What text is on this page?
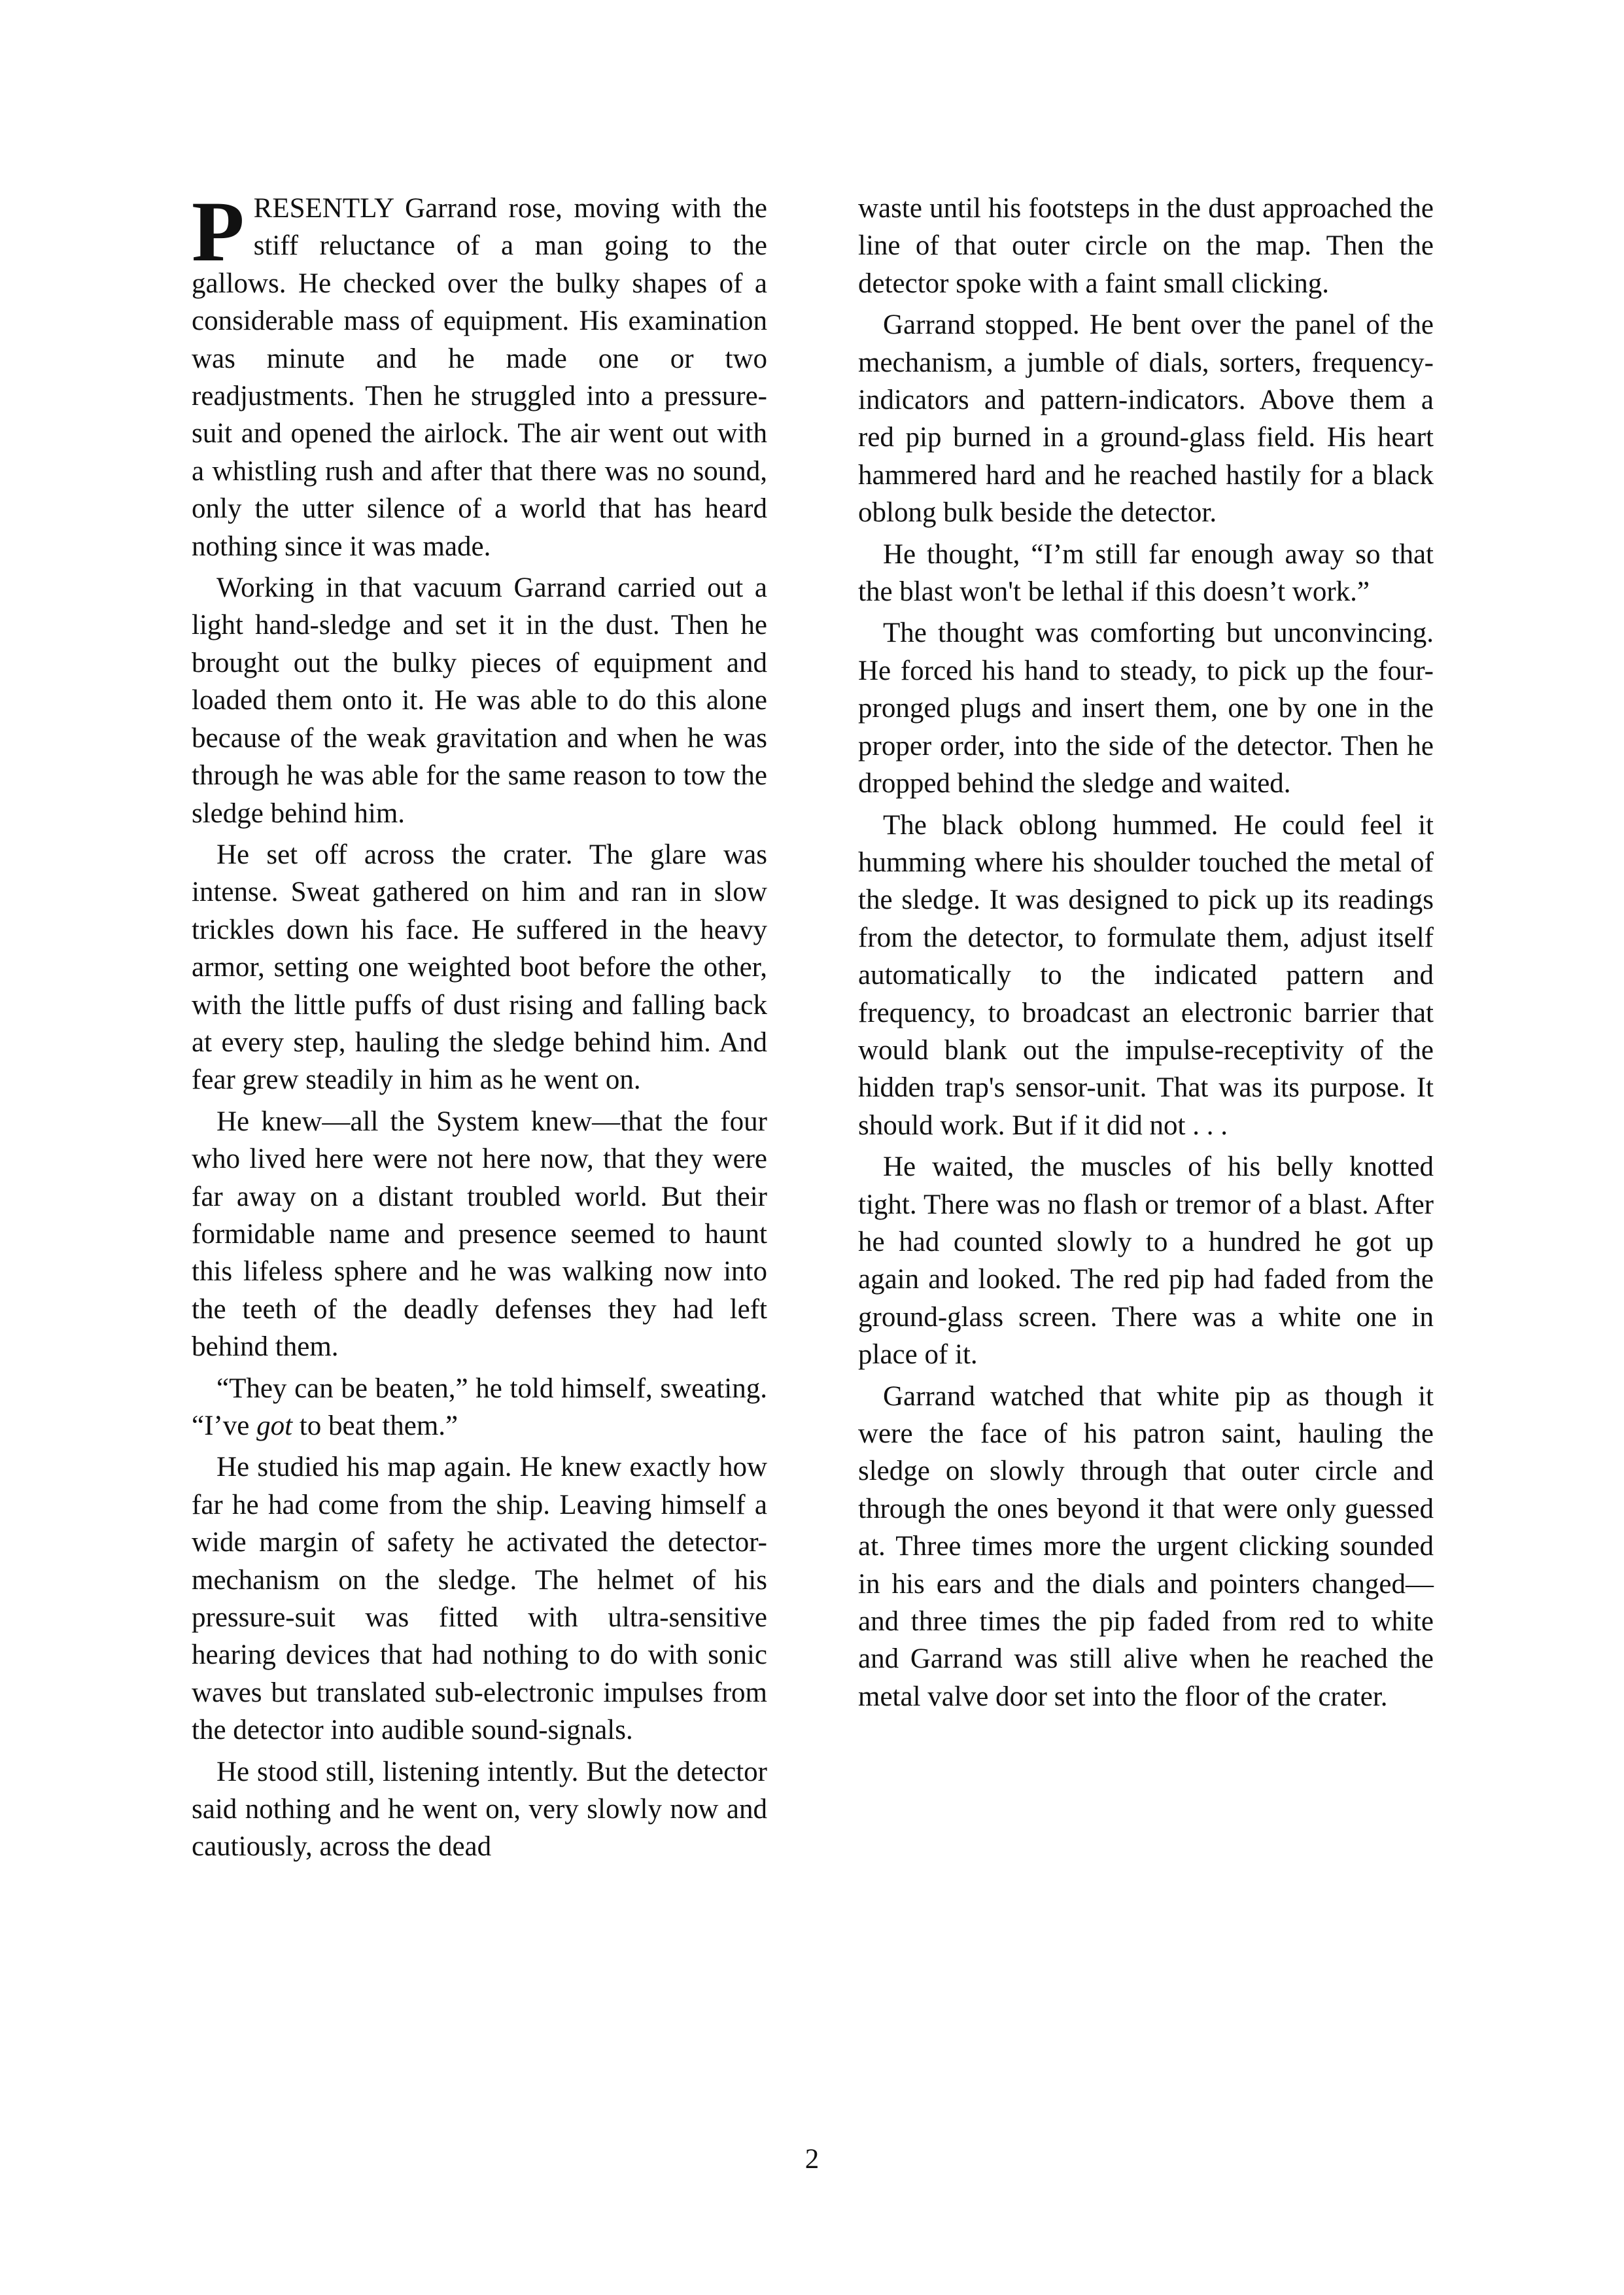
PRESENTLY Garrand rose, moving with the stiff reluctance of a man going to the gallows. He checked over the bulky shapes of a considerable mass of equipment. His examination was minute and he made one or two readjustments. Then he struggled into a pressure-suit and opened the airlock. The air went out with a whistling rush and after that there was no sound, only the utter silence of a world that has heard nothing since it was made.

Working in that vacuum Garrand carried out a light hand-sledge and set it in the dust. Then he brought out the bulky pieces of equipment and loaded them onto it. He was able to do this alone because of the weak gravitation and when he was through he was able for the same reason to tow the sledge behind him.

He set off across the crater. The glare was intense. Sweat gathered on him and ran in slow trickles down his face. He suffered in the heavy armor, setting one weighted boot before the other, with the little puffs of dust rising and falling back at every step, hauling the sledge behind him. And fear grew steadily in him as he went on.

He knew—all the System knew—that the four who lived here were not here now, that they were far away on a distant troubled world. But their formidable name and presence seemed to haunt this lifeless sphere and he was walking now into the teeth of the deadly defenses they had left behind them.

“They can be beaten,” he told himself, sweating. “I’ve got to beat them.”

He studied his map again. He knew exactly how far he had come from the ship. Leaving himself a wide margin of safety he activated the detector-mechanism on the sledge. The helmet of his pressure-suit was fitted with ultra-sensitive hearing devices that had nothing to do with sonic waves but translated sub-electronic impulses from the detector into audible sound-signals.

He stood still, listening intently. But the detector said nothing and he went on, very slowly now and cautiously, across the dead

waste until his footsteps in the dust approached the line of that outer circle on the map. Then the detector spoke with a faint small clicking.

Garrand stopped. He bent over the panel of the mechanism, a jumble of dials, sorters, frequency-indicators and pattern-indicators. Above them a red pip burned in a ground-glass field. His heart hammered hard and he reached hastily for a black oblong bulk beside the detector.

He thought, “I’m still far enough away so that the blast won't be lethal if this doesn’t work.”

The thought was comforting but unconvincing. He forced his hand to steady, to pick up the four-pronged plugs and insert them, one by one in the proper order, into the side of the detector. Then he dropped behind the sledge and waited.

The black oblong hummed. He could feel it humming where his shoulder touched the metal of the sledge. It was designed to pick up its readings from the detector, to formulate them, adjust itself automatically to the indicated pattern and frequency, to broadcast an electronic barrier that would blank out the impulse-receptivity of the hidden trap's sensor-unit. That was its purpose. It should work. But if it did not . . .

He waited, the muscles of his belly knotted tight. There was no flash or tremor of a blast. After he had counted slowly to a hundred he got up again and looked. The red pip had faded from the ground-glass screen. There was a white one in place of it.

Garrand watched that white pip as though it were the face of his patron saint, hauling the sledge on slowly through that outer circle and through the ones beyond it that were only guessed at. Three times more the urgent clicking sounded in his ears and the dials and pointers changed—and three times the pip faded from red to white and Garrand was still alive when he reached the metal valve door set into the floor of the crater.

2
